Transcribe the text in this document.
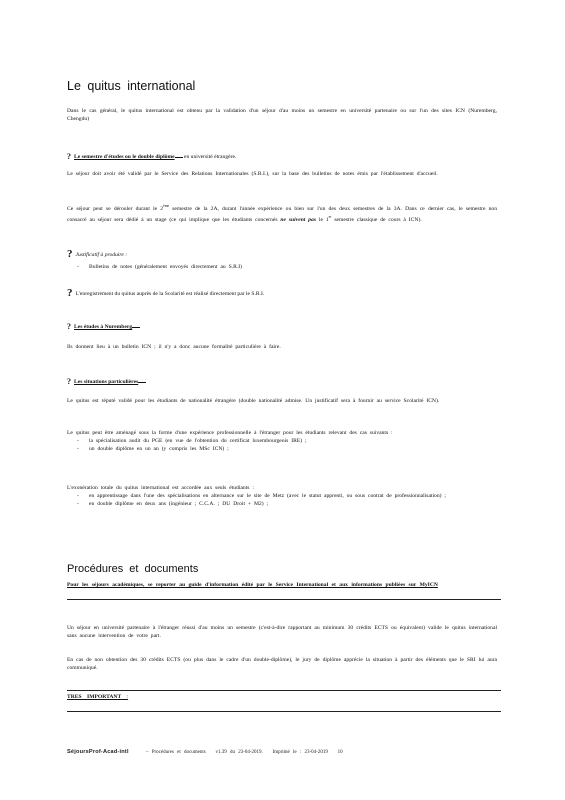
Le quitus international
Dans le cas général, le quitus international est obtenu par la validation d'un séjour d'au moins un semestre en université partenaire ou sur l'un des sites ICN (Nuremberg, Chengdu)
? Le semestre d'études ou le double diplôme en université étrangère.
Le séjour doit avoir été validé par le Service des Relations Internationales (S.R.I.), sur la base des bulletins de notes émis par l'établissement d'accueil.
Ce séjour peut se dérouler durant le 2ème semestre de la 2A, durant l'année expérience ou bien sur l'un des deux semestres de la 3A. Dans ce dernier cas, le semestre non consacré au séjour sera dédié à un stage (ce qui implique que les étudiants concernés ne suivent pas le 1er semestre classique de cours à ICN).
? Justificatif à produire :
- Bulletins de notes (généralement envoyés directement au S.R.I)
? L'enregistrement du quitus auprès de la Scolarité est réalisé directement par le S.R.I.
? Les études à Nuremberg
Ils donnent lieu à un bulletin ICN ; il n'y a donc aucune formalité particulière à faire.
? Les situations particulières
Le quitus est réputé validé pour les étudiants de nationalité étrangère (double nationalité admise. Un justificatif sera à fournir au service Scolarité ICN).
Le quitus peut être aménagé sous la forme d'une expérience professionnelle à l'étranger pour les étudiants relevant des cas suivants :
- la spécialisation audit du PGE (en vue de l'obtention du certificat luxembourgeois IRE) ;
- un double diplôme en un an (y compris les MSc ICN) ;
L'exonération totale du quitus international est accordée aux seuls étudiants :
- en apprentissage dans l'une des spécialisations en alternance sur le site de Metz (avec le statut apprenti, ou sous contrat de professionnalisation) ;
- en double diplôme en deux ans (ingénieur ; C.C.A. ; DU Droit + M2) ;
Procédures et documents
Pour les séjours académiques, se reporter au guide d'information édité par le Service International et aux informations publiées sur MyICN
Un séjour en université partenaire à l'étranger réussi d'au moins un semestre (c'est-à-dire rapportant au minimum 30 crédits ECTS ou équivalent) valide le quitus international sans aucune intervention de votre part.
En cas de non obtention des 30 crédits ECTS (ou plus dans le cadre d'un double-diplôme), le jury de diplôme apprécie la situation à partir des éléments que le SRI lui aura communiqué.
TRES IMPORTANT :
SéjoursProf-Acad-intl	– Procédures et documents v1.39 du 23-04-2019. Imprimé le : 23-04-2019 10
